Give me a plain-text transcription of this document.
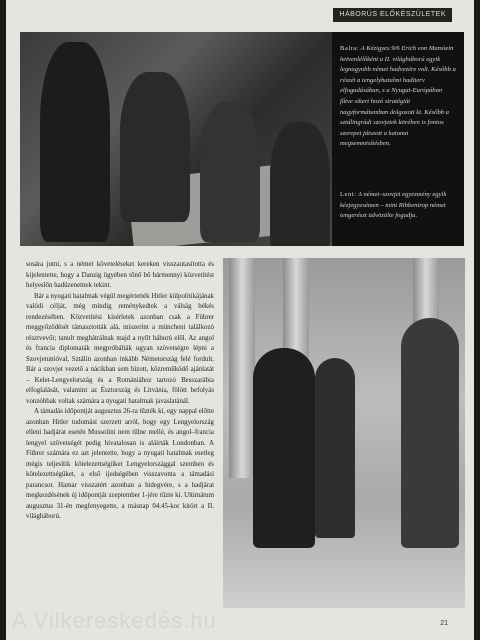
HÁBORÚS ELŐKÉSZÜLETEK

Balra: A Kézigyes 9/6 Erich von Manstein hetvenlélőként a II. világháború egyik legnagyobb német hadvezére volt. Később a részét a tengelyhatalmi haditerv elfogadásában, s a Nyugat-Európában fűtve sikert hozó stratégiát nagyformátumban dolgozott ki. Később a sztálingrádi szovjetek körében is fontos szerepet játszott a katonai megsemmisítésben.

Lent: A német–szovjet egyezmény egyik kézjegyesémen – mint Ribbentrop német tengerészt üdvözölte fogadja.

sosára jutni, s a német követeléseket kereken visszautasította és kijelentette, hogy a Danzig ügyében tőnő bő bármennyi közvetítést helyeslőn hadüzenetnek tekint.

Bár a nyugati hatalmak végül megértették Hitler külpolitikájának valódi célját, még mindig reménykedtek a válság békés rendezésében. Közvetítési kísérletek azonban csak a Führer meggyőződését támasztották alá, miszerint a müncheni találkozó résztvevői; tanult meghátrálnak majd a nyílt háború elől. Az angol és francia diplomaták megpróbálták ugyan szövetségre lépni a Szovjetunióval, Sztálin azonban inkább Németország felé fordult. Bár a szovjet vezető a nácikban sem bízott, közreműködő ajánlatát – Kelet-Lengyelország és a Romániához tartozó Besszarábia elfoglalását, valamint az Észtország és Litvánia, fölött befolyás vonzóbbak voltak számára a nyugati hatalmak javaslatánál.

A támadás időpontját augusztus 26-ra tűzték ki, egy nappal előtte azonban Hitler tudomást szerzett arról, hogy egy Lengyelország elleni hadjárat esetén Mussolini nem tűlne mellé, és angol–francia lengyel szövetségét pedig hivatalosan is aláírták Londonban. A Führer számára ez azt jelentette, hogy a nyugati hatalmak esetleg mégis teljesítik kötelezettségüket Lengyelországgal szemben és kötelezettségüket, a első ijedségében visszavonta a támadási parancsot. Hamar visszatért azonban a hidegvére, s a hadjárat megkezdésének új időpontját szeptember 1-jére tűzte ki. Ultimátum augusztus 31-én megfenyegette, a másnap 04.45-kor kitört a II. világháború.

21
A Vilkereskedés.hu
